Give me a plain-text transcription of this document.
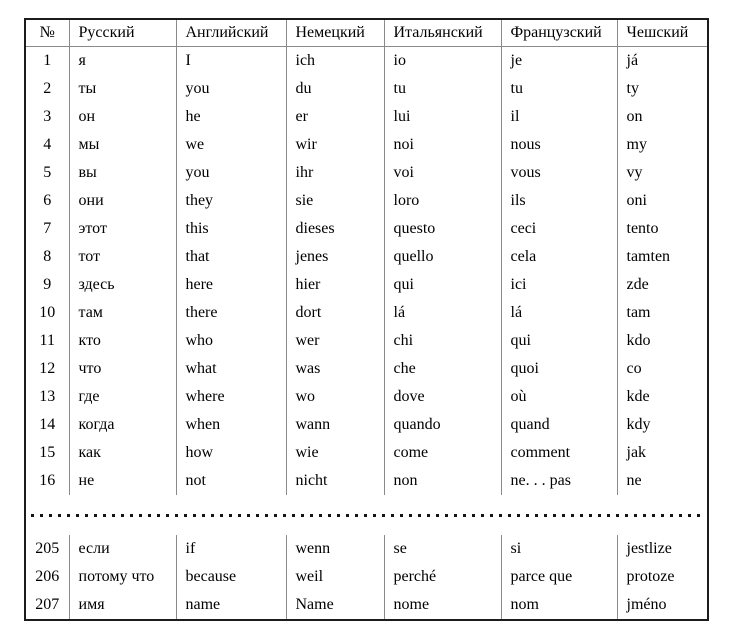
№	Русский	Английский	Немецкий	Итальянский	Французский	Чешский
1	я	I	ich	io	je	já
2	ты	you	du	tu	tu	ty
3	он	he	er	lui	il	on
4	мы	we	wir	noi	nous	my
5	вы	you	ihr	voi	vous	vy
6	они	they	sie	loro	ils	oni
7	этот	this	dieses	questo	ceci	tento
8	тот	that	jenes	quello	cela	tamten
9	здесь	here	hier	qui	ici	zde
10	там	there	dort	lá	lá	tam
11	кто	who	wer	chi	qui	kdo
12	что	what	was	che	quoi	co
13	где	where	wo	dove	où	kde
14	когда	when	wann	quando	quand	kdy
15	как	how	wie	come	comment	jak
16	не	not	nicht	non	ne. . . pas	ne

205	если	if	wenn	se	si	jestlize
206	потому что	because	weil	perché	parce que	protoze
207	имя	name	Name	nome	nom	jméno
